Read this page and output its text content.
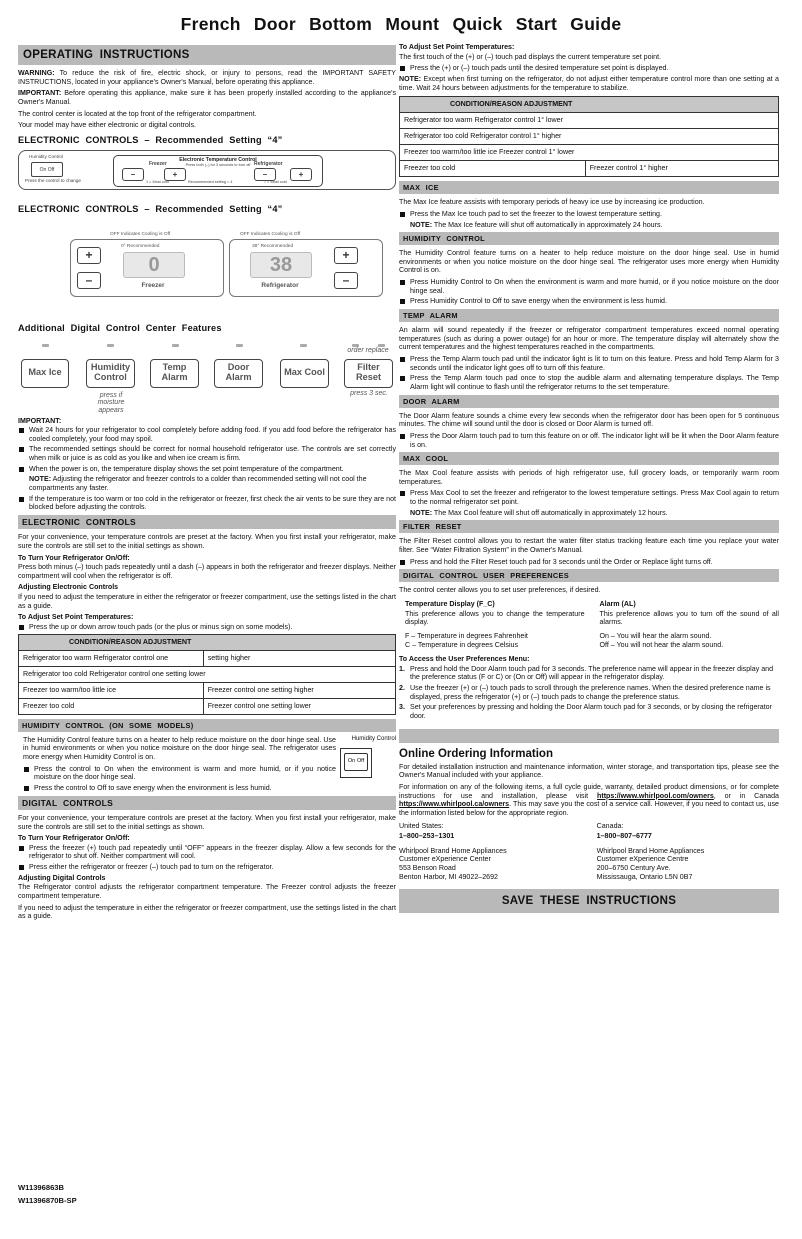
French Door Bottom Mount Quick Start Guide
OPERATING INSTRUCTIONS

WARNING: To reduce the risk of fire, electric shock, or injury to persons, read the IMPORTANT SAFETY INSTRUCTIONS, located in your appliance's Owner's Manual, before operating this appliance.

IMPORTANT: Before operating this appliance, make sure it has been properly installed according to the appliance's Owner's Manual.

The control center is located at the top front of the refrigerator compartment.

Your model may have either electronic or digital controls.

ELECTRONIC CONTROLS – Recommended Setting “4”
Humidity Control
On Off
Press the control to change
Electronic Temperature Control
Press both (–) for 3 seconds to turn off
Freezer
–	+
1 = Most cold	Recommended setting = 4
Refrigerator
–	+
7 = Most cold
ELECTRONIC CONTROLS – Recommended Setting “4”
OFF Indicates Cooling is Off	OFF Indicates Cooling is Off
+
–
0° Recommended
0
Freezer
38° Recommended
38
Refrigerator
+
–
Additional Digital Control Center Features
order replace
Max Ice	Humidity Control
Temp Alarm
Door Alarm	Max Cool	Filter Reset
press if moisture appears
press 3 sec.
IMPORTANT:
Wait 24 hours for your refrigerator to cool completely before adding food. If you add food before the refrigerator has cooled completely, your food may spoil.
The recommended settings should be correct for normal household refrigerator use. The controls are set correctly when milk or juice is as cold as you like and when ice cream is firm.
When the power is on, the temperature display shows the set point temperature of the compartment.
NOTE: Adjusting the refrigerator and freezer controls to a colder than recommended setting will not cool the compartments any faster.
If the temperature is too warm or too cold in the refrigerator or freezer, first check the air vents to be sure they are not blocked before adjusting the controls.
ELECTRONIC CONTROLS

For your convenience, your temperature controls are preset at the factory. When you first install your refrigerator, make sure the controls are still set to the initial settings as shown.

To Turn Your Refrigerator On/Off:

Press both minus (–) touch pads repeatedly until a dash (–) appears in both the refrigerator and freezer displays. Neither compartment will cool when the refrigerator is off.

Adjusting Electronic Controls

If you need to adjust the temperature in either the refrigerator or freezer compartment, use the settings listed in the chart as a guide.

To Adjust Set Point Temperatures:
Press the up or down arrow touch pads (or the plus or minus sign on some models).
CONDITION/REASON ADJUSTMENT	
Refrigerator too warm Refrigerator control one	setting higher
Refrigerator too cold Refrigerator control one setting lower	
Freezer too warm/too little ice	Freezer control one setting higher
Freezer too cold	Freezer control one setting lower
HUMIDITY CONTROL (ON SOME MODELS)

The Humidity Control feature turns on a heater to help reduce moisture on the door hinge seal. Use in humid environments or when you notice moisture on the door hinge seal. The refrigerator uses more energy when Humidity Control is on.

Press the control to On when the environment is warm and more humid, or if you notice moisture on the door hinge seal.
Press the control to Off to save energy when the environment is less humid.
Humidity Control
On Off
DIGITAL CONTROLS

For your convenience, your temperature controls are preset at the factory. When you first install your refrigerator, make sure the controls are still set to the initial settings as shown.

To Turn Your Refrigerator On/Off:
Press the freezer (+) touch pad repeatedly until “OFF” appears in the freezer display. Allow a few seconds for the refrigerator to shut off. Neither compartment will cool.
Press either the refrigerator or freezer (–) touch pad to turn on the refrigerator.
Adjusting Digital Controls

The Refrigerator control adjusts the refrigerator compartment temperature. The Freezer control adjusts the freezer compartment temperature.

If you need to adjust the temperature in either the refrigerator or freezer compartment, use the settings listed in the chart as a guide.

W11396863B
W11396870B-SP
To Adjust Set Point Temperatures:

The first touch of the (+) or (–) touch pad displays the current temperature set point.

Press the (+) or (–) touch pads until the desired temperature set point is displayed.

NOTE: Except when first turning on the refrigerator, do not adjust either temperature control more than one setting at a time. Wait 24 hours between adjustments for the temperature to stabilize.

CONDITION/REASON ADJUSTMENT
Refrigerator too warm Refrigerator control 1° lower
Refrigerator too cold Refrigerator control 1° higher
Freezer too warm/too little ice Freezer control 1° lower
Freezer too cold	Freezer control 1° higher
MAX ICE

The Max Ice feature assists with temporary periods of heavy ice use by increasing ice production.

Press the Max Ice touch pad to set the freezer to the lowest temperature setting.
NOTE: The Max Ice feature will shut off automatically in approximately 24 hours.
HUMIDITY CONTROL

The Humidity Control feature turns on a heater to help reduce moisture on the door hinge seal. Use in humid environments or when you notice moisture on the door hinge seal. The refrigerator uses more energy when Humidity Control is on.

Press Humidity Control to On when the environment is warm and more humid, or if you notice moisture on the door hinge seal.
Press Humidity Control to Off to save energy when the environment is less humid.
TEMP ALARM

An alarm will sound repeatedly if the freezer or refrigerator compartment temperatures exceed normal operating temperatures (such as during a power outage) for an hour or more. The temperature display will alternately show the current temperatures and the highest temperatures reached in the compartments.

Press the Temp Alarm touch pad until the indicator light is lit to turn on this feature. Press and hold Temp Alarm for 3 seconds until the indicator light goes off to turn off this feature.
Press the Temp Alarm touch pad once to stop the audible alarm and alternating temperature displays. The Temp Alarm light will continue to flash until the refrigerator returns to the set temperature.
DOOR ALARM

The Door Alarm feature sounds a chime every few seconds when the refrigerator door has been open for 5 continuous minutes. The chime will sound until the door is closed or Door Alarm is turned off.

Press the Door Alarm touch pad to turn this feature on or off. The indicator light will be lit when the Door Alarm feature is on.
MAX COOL

The Max Cool feature assists with periods of high refrigerator use, full grocery loads, or temporarily warm room temperatures.

Press Max Cool to set the freezer and refrigerator to the lowest temperature settings. Press Max Cool again to return to the normal refrigerator set point.
NOTE: The Max Cool feature will shut off automatically in approximately 12 hours.
FILTER RESET

The Filter Reset control allows you to restart the water filter status tracking feature each time you replace your water filter. See “Water Filtration System” in the Owner's Manual.

Press and hold the Filter Reset touch pad for 3 seconds until the Order or Replace light turns off.
DIGITAL CONTROL USER PREFERENCES

The control center allows you to set user preferences, if desired.

Temperature Display (F_C)

This preference allows you to change the temperature display.

F – Temperature in degrees Fahrenheit
C – Temperature in degrees Celsius
Alarm (AL)

This preference allows you to turn off the sound of all alarms.

On – You will hear the alarm sound.
Off – You will not hear the alarm sound.
To Access the User Preferences Menu:
1. Press and hold the Door Alarm touch pad for 3 seconds. The preference name will appear in the freezer display and the preference status (F or C) or (On or Off) will appear in the refrigerator display.
2. Use the freezer (+) or (–) touch pads to scroll through the preference names. When the desired preference name is displayed, press the refrigerator (+) or (–) touch pads to change the preference status.
3. Set your preferences by pressing and holding the Door Alarm touch pad for 3 seconds, or by closing the refrigerator door.
Online Ordering Information

For detailed installation instruction and maintenance information, winter storage, and transportation tips, please see the Owner's Manual included with your appliance.

For information on any of the following items, a full cycle guide, warranty, detailed product dimensions, or for complete instructions for use and installation, please visit https://www.whirlpool.com/owners, or in Canada https://www.whirlpool.ca/owners. This may save you the cost of a service call. However, if you need to contact us, use the information listed below for the appropriate region.

United States:
1–800–253–1301
Whirlpool Brand Home Appliances
Customer eXperience Center
553 Benson Road
Benton Harbor, MI 49022–2692
Canada:
1–800–807–6777
Whirlpool Brand Home Appliances
Customer eXperience Centre
200–6750 Century Ave.
Mississauga, Ontario L5N 0B7
SAVE THESE INSTRUCTIONS
